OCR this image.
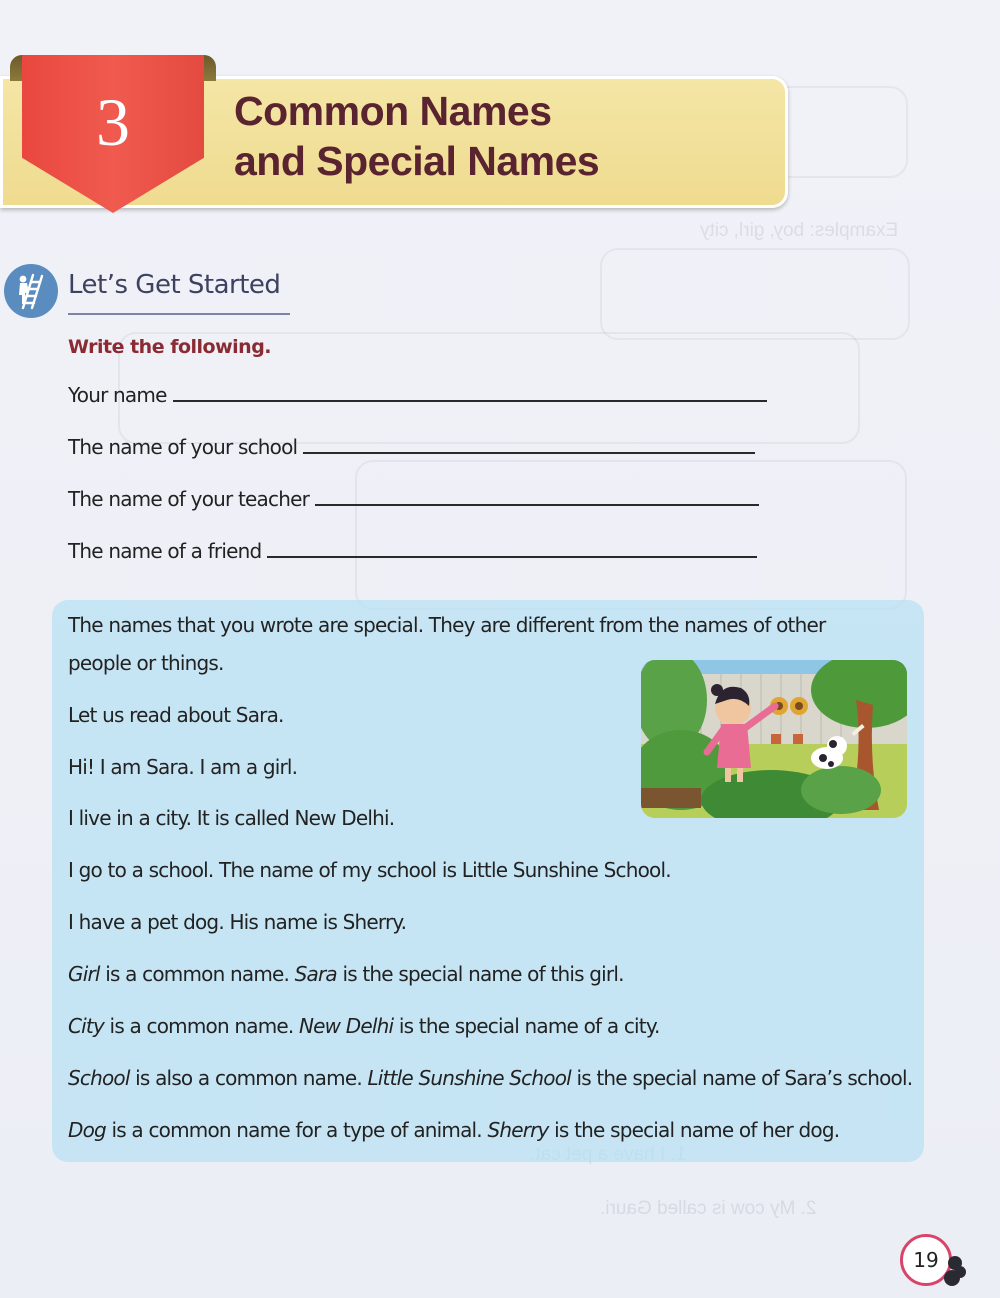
Examples: boy, girl, city
2. My cow is called Gauri.
3	Common Names
and Special Names
Let’s Get Started
Write the following.
Your name
The name of your school
The name of your teacher
The name of a friend
The names that you wrote are special. They are different from the names of other
people or things.
Let us read about Sara.
Hi! I am Sara. I am a girl.
I live in a city. It is called New Delhi.
I go to a school. The name of my school is Little Sunshine School.
I have a pet dog. His name is Sherry.
Girl is a common name. Sara is the special name of this girl.
City is a common name. New Delhi is the special name of a city.
School is also a common name. Little Sunshine School is the special name of Sara’s school.
Dog is a common name for a type of animal. Sherry is the special name of her dog.
19
